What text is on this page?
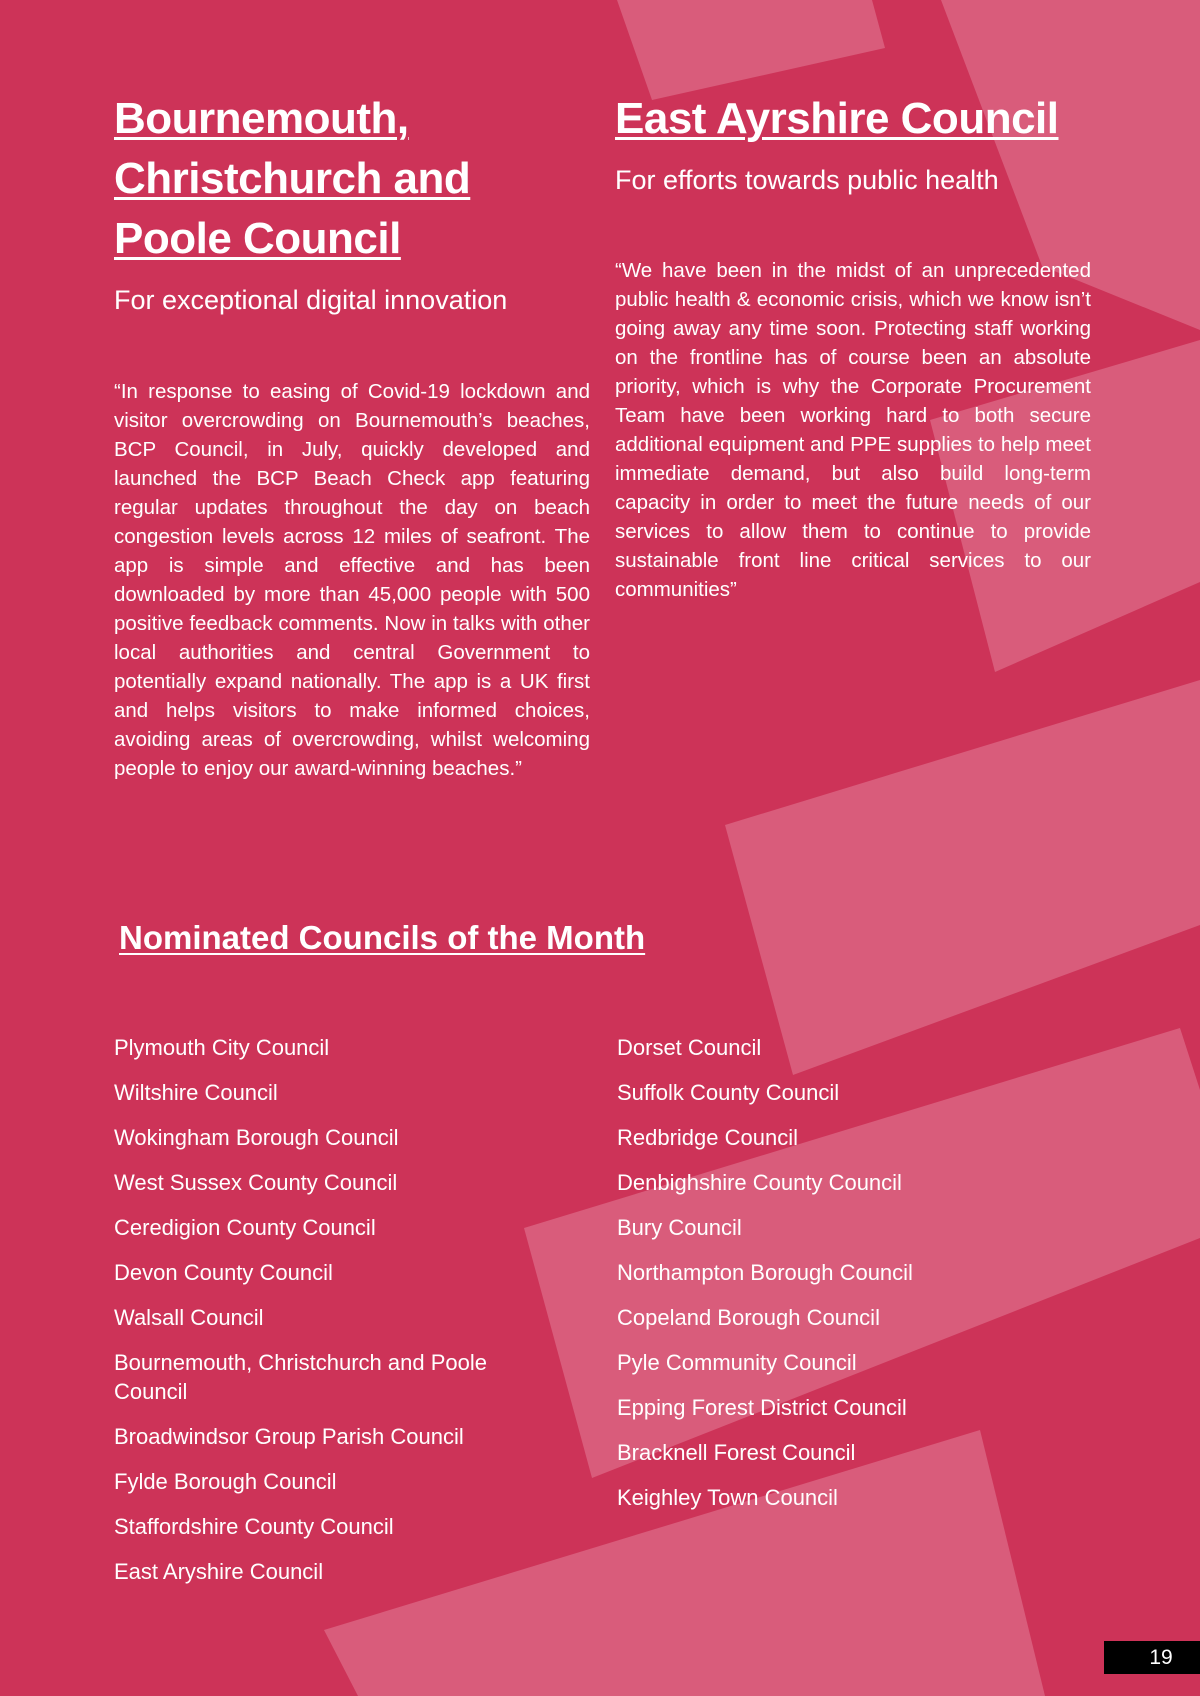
Bournemouth,
Christchurch and
Poole Council

For exceptional digital innovation

“In response to easing of Covid-19 lockdown and visitor overcrowding on Bournemouth’s beaches, BCP Council, in July, quickly developed and launched the BCP Beach Check app featuring regular updates throughout the day on beach congestion levels across 12 miles of seafront. The app is simple and effective and has been downloaded by more than 45,000 people with 500 positive feedback comments. Now in talks with other local authorities and central Government to potentially expand nationally. The app is a UK first and helps visitors to make informed choices, avoiding areas of overcrowding, whilst welcoming people to enjoy our award-winning beaches.”

East Ayrshire Council

For efforts towards public health

“We have been in the midst of an unprecedented public health & economic crisis, which we know isn’t going away any time soon. Protecting staff working on the frontline has of course been an absolute priority, which is why the Corporate Procurement Team have been working hard to both secure additional equipment and PPE supplies to help meet immediate demand, but also build long-term capacity in order to meet the future needs of our services to allow them to continue to provide sustainable front line critical services to our communities”

Nominated Councils of the Month
Plymouth City Council
Wiltshire Council
Wokingham Borough Council
West Sussex County Council
Ceredigion County Council
Devon County Council
Walsall Council
Bournemouth, Christchurch and Poole Council
Broadwindsor Group Parish Council
Fylde Borough Council
Staffordshire County Council
East Aryshire Council
Dorset Council
Suffolk County Council
Redbridge Council
Denbighshire County Council
Bury Council
Northampton Borough Council
Copeland Borough Council
Pyle Community Council
Epping Forest District Council
Bracknell Forest Council
Keighley Town Council
19
